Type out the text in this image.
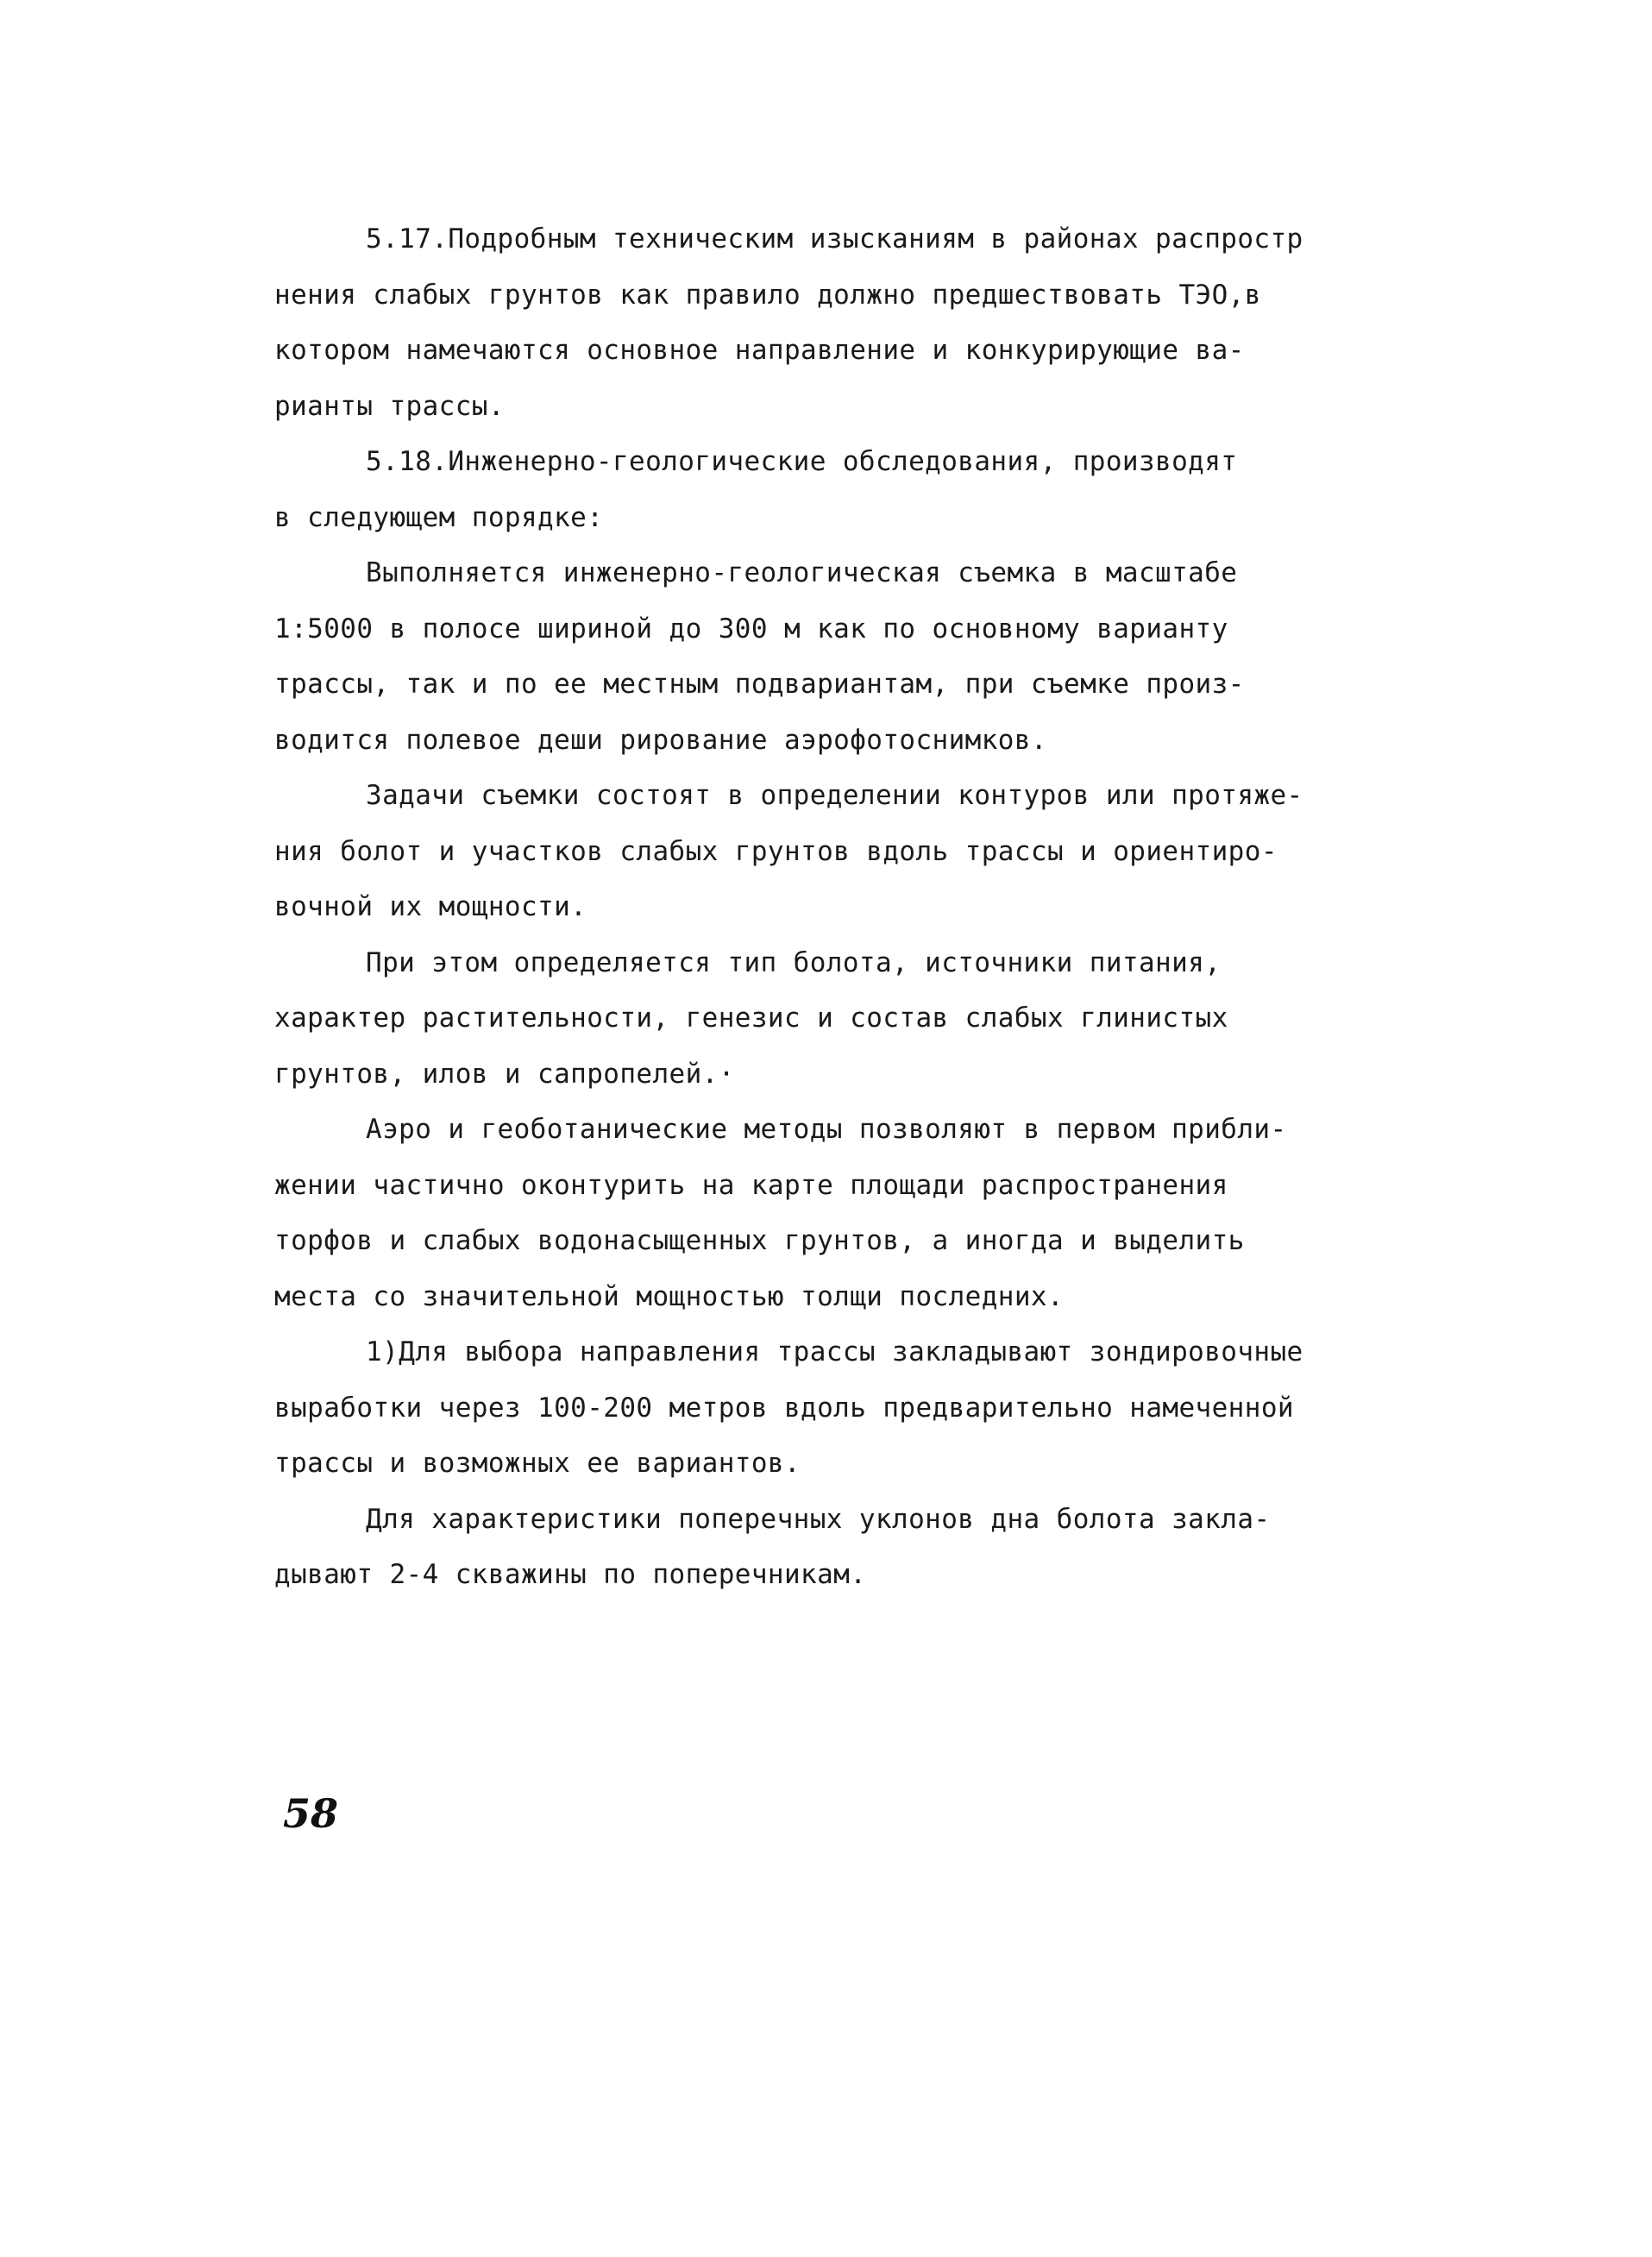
5.17.Подробным техническим изысканиям в районах распростр
нения слабых грунтов как правило должно предшествовать ТЭО,в
котором намечаются основное направление и конкурирующие ва-
рианты трассы.
5.18.Инженерно-геологические обследования, производят
в следующем порядке:
Выполняется инженерно-геологическая съемка в масштабе
1:5000 в полосе шириной до 300 м как по основному варианту
трассы, так и по ее местным подвариантам, при съемке произ-
водится полевое деши рирование аэрофотоснимков.
Задачи съемки состоят в определении контуров или протяже-
ния болот и участков слабых грунтов вдоль трассы и ориентиро-
вочной их мощности.
При этом определяется тип болота, источники питания,
характер растительности, генезис и состав слабых глинистых
грунтов, илов и сапропелей.·
Аэро и геоботанические методы позволяют в первом прибли-
жении частично оконтурить на карте площади распространения
торфов и слабых водонасыщенных грунтов, а иногда и выделить
места со значительной мощностью толщи последних.
1)Для выбора направления трассы закладывают зондировочные
выработки через 100-200 метров вдоль предварительно намеченной
трассы и возможных ее вариантов.
Для характеристики поперечных уклонов дна болота закла-
дывают 2-4 скважины по поперечникам.
58
